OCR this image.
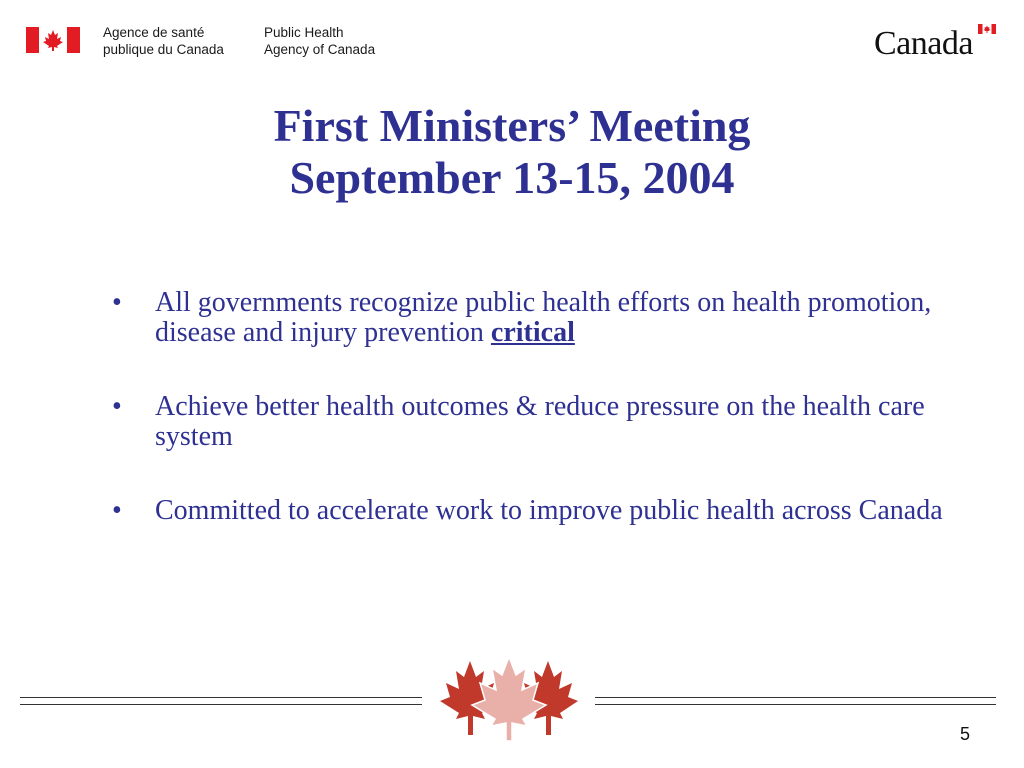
Agence de santé
publique du Canada
Public Health
Agency of Canada	Canada
First Ministers’ Meeting
September 13-15, 2004
• All governments recognize public health efforts on health promotion, disease and injury prevention critical
• Achieve better health outcomes & reduce pressure on the health care system
• Committed to accelerate work to improve public health across Canada
5
